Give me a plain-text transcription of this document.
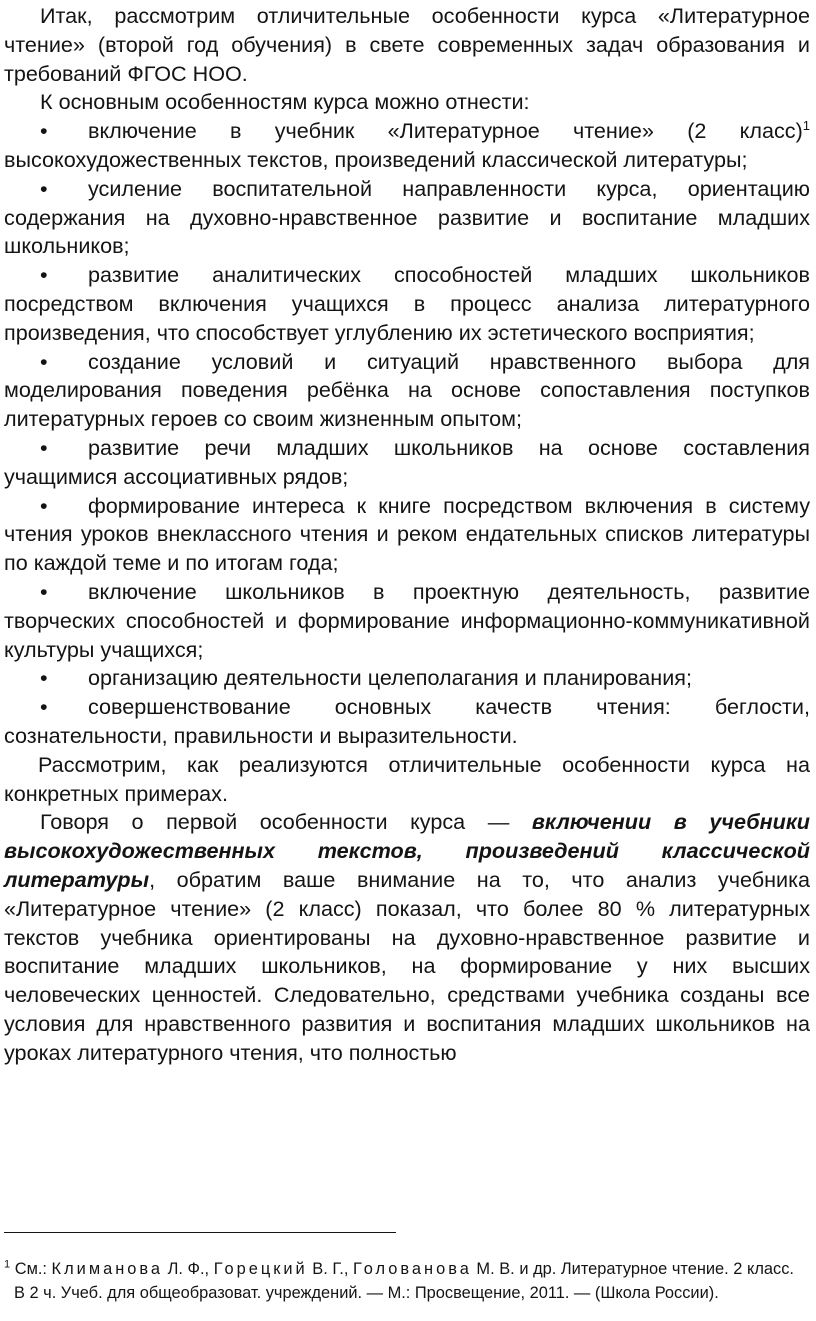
Итак, рассмотрим отличительные особенности курса «Литературное чтение» (второй год обучения) в свете современных задач образования и требований ФГОС НОО.

К основным особенностям курса можно отнести:

• включение в учебник «Литературное чтение» (2 класс)$^1$ высокохудожественных текстов, произведений классической литературы;

• усиление воспитательной направленности курса, ориентацию содержания на духовно-нравственное развитие и воспитание младших школьников;

• развитие аналитических способностей младших школьников посредством включения учащихся в процесс анализа литературного произведения, что способствует углублению их эстетического восприятия;

• создание условий и ситуаций нравственного выбора для моделирования поведения ребёнка на основе сопоставления поступков литературных героев со своим жизненным опытом;

• развитие речи младших школьников на основе составления учащимися ассоциативных рядов;

• формирование интереса к книге посредством включения в систему чтения уроков внеклассного чтения и реком ендательных списков литературы по каждой теме и по итогам года;

• включение школьников в проектную деятельность, развитие творческих способностей и формирование информационно-коммуникативной культуры учащихся;

• организацию деятельности целеполагания и планирования;

• совершенствование основных качеств чтения: беглости, сознательности, правильности и выразительности.

Рассмотрим, как реализуются отличительные особенности курса на конкретных примерах.

Говоря о первой особенности курса — включении в учебники высокохудожественных текстов, произведений классической литературы, обратим ваше внимание на то, что анализ учебника «Литературное чтение» (2 класс) показал, что более 80 % литературных текстов учебника ориентированы на духовно-нравственное развитие и воспитание младших школьников, на формирование у них высших человеческих ценностей. Следовательно, средствами учебника созданы все условия для нравственного развития и воспитания младших школьников на уроках литературного чтения, что полностью

$^1$ См.: Климанова Л. Ф., Горецкий В. Г., Голованова М. В. и др. Литературное чтение. 2 класс. В 2 ч. Учеб. для общеобразоват. учреждений. — М.: Просвещение, 2011. — (Школа России).
